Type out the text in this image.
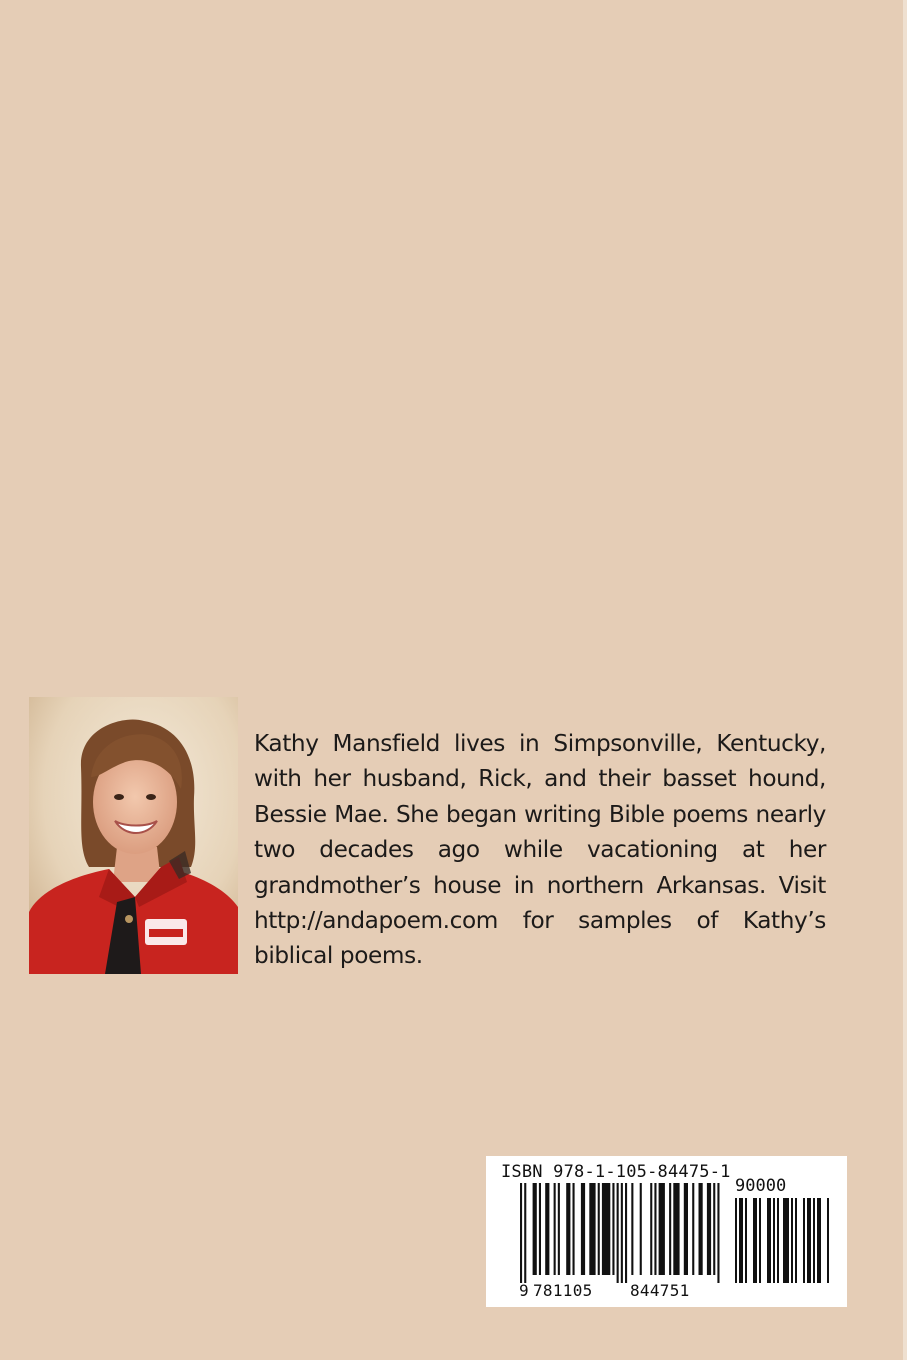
Kathy Mansfield lives in Simpsonville, Kentucky, with her husband, Rick, and their basset hound, Bessie Mae. She began writing Bible poems nearly two decades ago while vacationing at her grandmother’s house in northern Arkansas. Visit http://andapoem.com for samples of Kathy’s biblical poems.

ISBN 978-1-105-84475-1
90000
9 781105 844751
